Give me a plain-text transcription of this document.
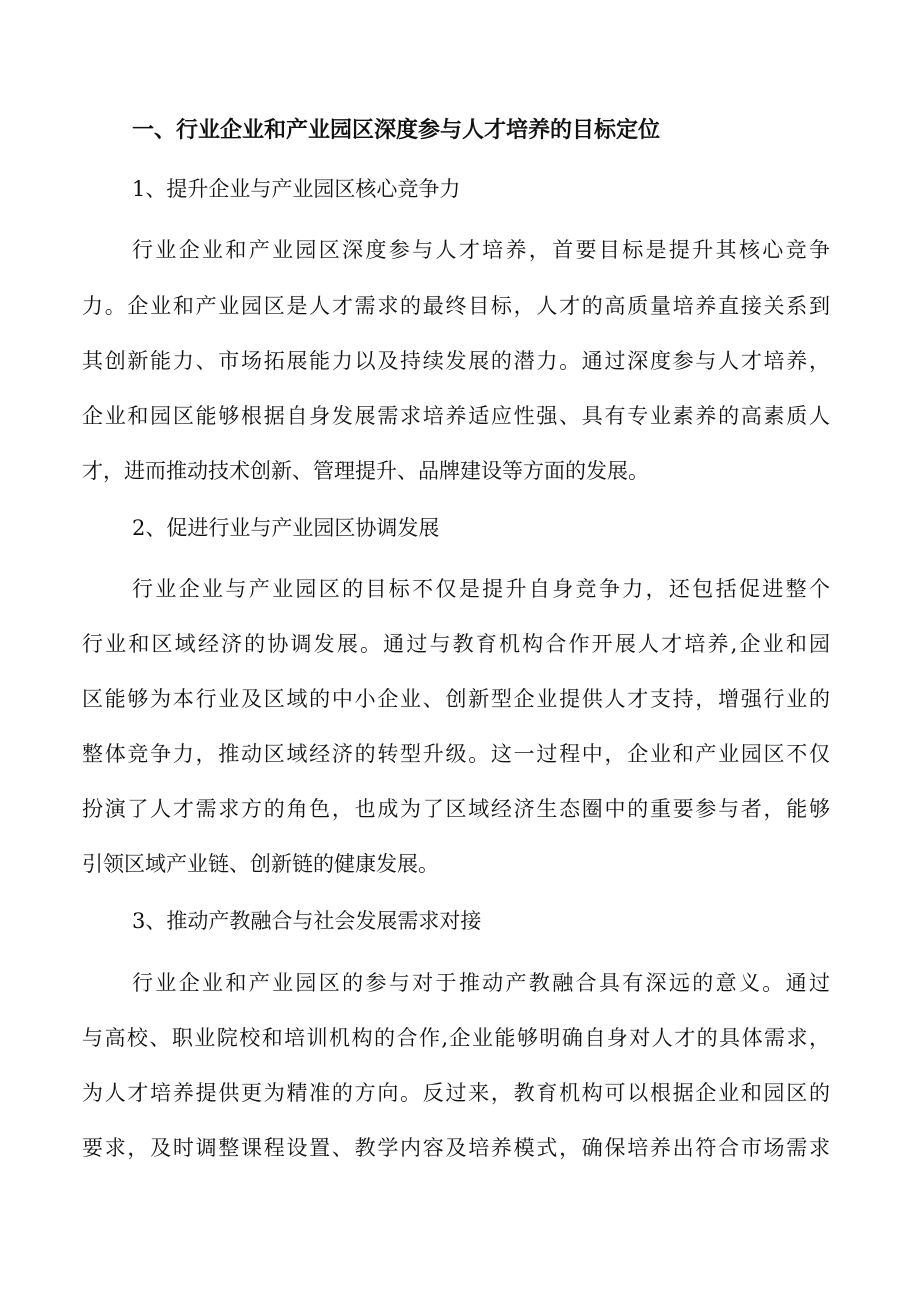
一、行业企业和产业园区深度参与人才培养的目标定位
1、提升企业与产业园区核心竞争力
行业企业和产业园区深度参与人才培养，首要目标是提升其核心竞争
力。企业和产业园区是人才需求的最终目标，人才的高质量培养直接关系到
其创新能力、市场拓展能力以及持续发展的潜力。通过深度参与人才培养，
企业和园区能够根据自身发展需求培养适应性强、具有专业素养的高素质人
才，进而推动技术创新、管理提升、品牌建设等方面的发展。
2、促进行业与产业园区协调发展
行业企业与产业园区的目标不仅是提升自身竞争力，还包括促进整个
行业和区域经济的协调发展。通过与教育机构合作开展人才培养,企业和园
区能够为本行业及区域的中小企业、创新型企业提供人才支持，增强行业的
整体竞争力，推动区域经济的转型升级。这一过程中，企业和产业园区不仅
扮演了人才需求方的角色，也成为了区域经济生态圈中的重要参与者，能够
引领区域产业链、创新链的健康发展。
3、推动产教融合与社会发展需求对接
行业企业和产业园区的参与对于推动产教融合具有深远的意义。通过
与高校、职业院校和培训机构的合作,企业能够明确自身对人才的具体需求，
为人才培养提供更为精准的方向。反过来，教育机构可以根据企业和园区的
要求，及时调整课程设置、教学内容及培养模式，确保培养出符合市场需求
